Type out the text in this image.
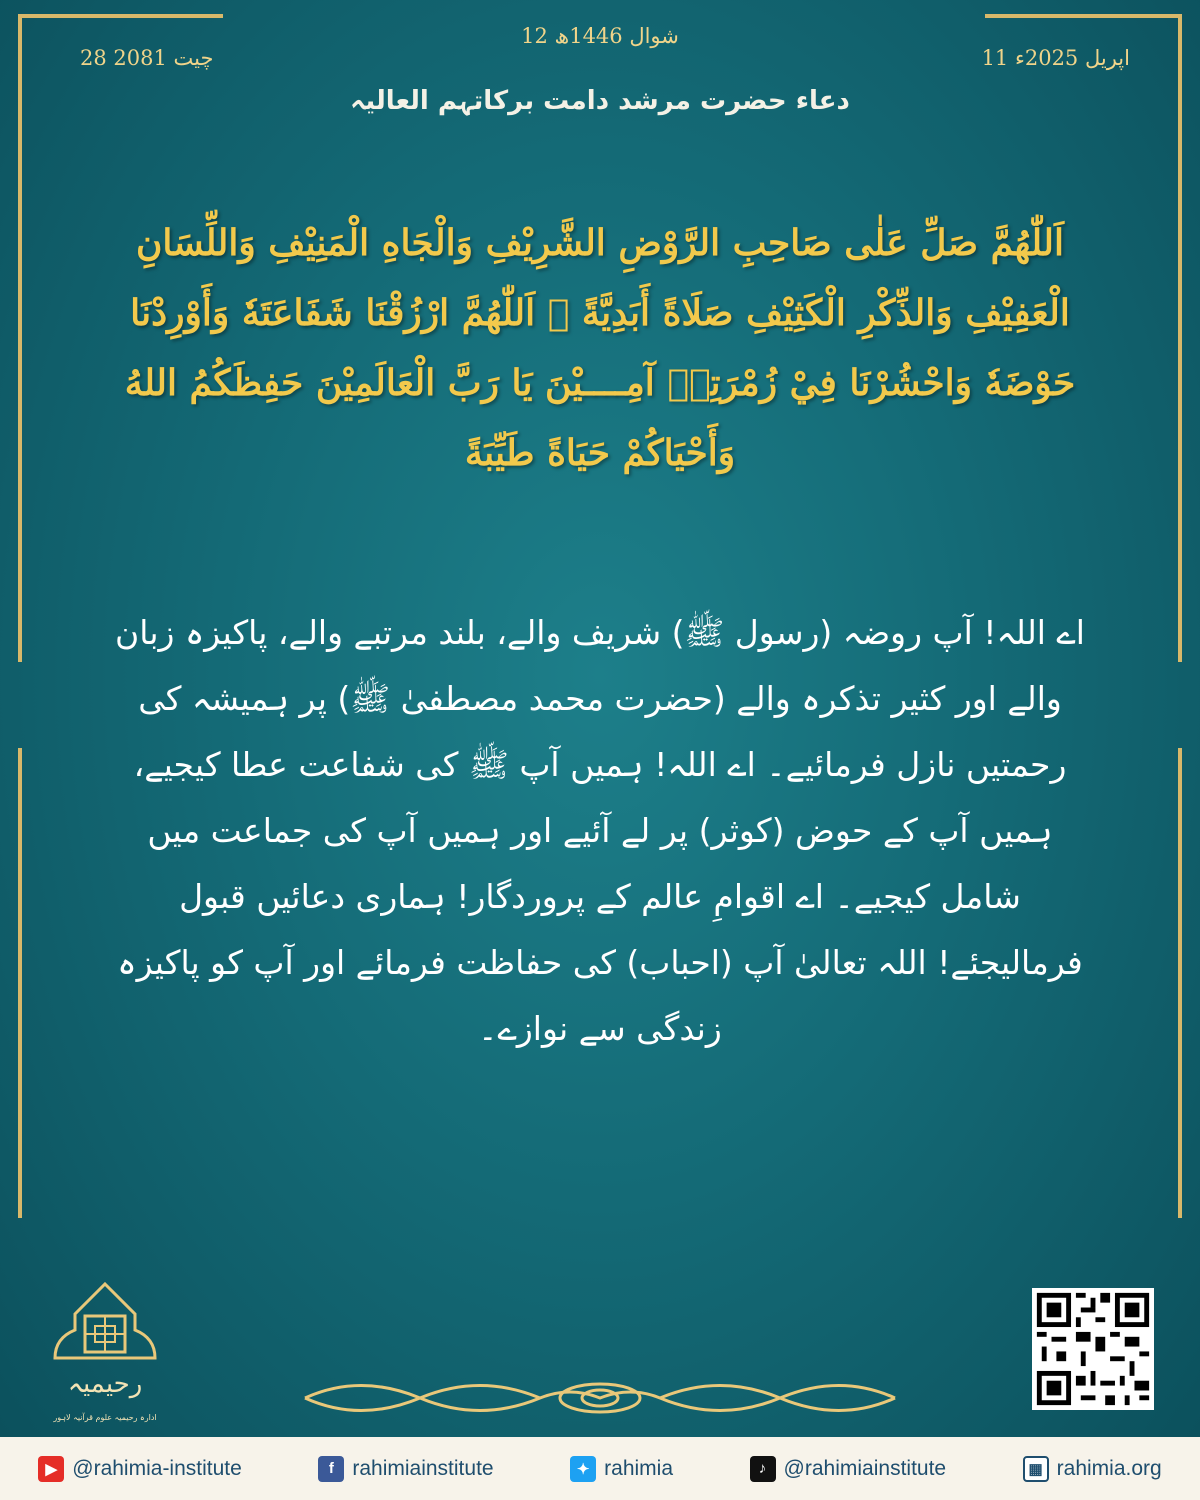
12 شوال 1446ھ
11 اپریل 2025ء
28 چیت 2081
دعاء حضرت مرشد دامت برکاتہم العالیہ
اَللّٰهُمَّ صَلِّ عَلٰى صَاحِبِ الرَّوْضِ الشَّرِيْفِ وَالْجَاهِ الْمَنِيْفِ وَاللِّسَانِ الْعَفِيْفِ وَالذِّكْرِ الْكَثِيْفِ صَلَاةً أَبَدِيَّةً ﷺ اَللّٰهُمَّ ارْزُقْنَا شَفَاعَتَهٗ وَأَوْرِدْنَا حَوْضَهٗ وَاحْشُرْنَا فِيْ زُمْرَتِهٖ آمِــــيْنَ يَا رَبَّ الْعَالَمِيْنَ حَفِظَكُمُ اللهُ وَأَحْيَاكُمْ حَيَاةً طَيِّبَةً
اے اللہ! آپ روضہ (رسول ﷺ) شریف والے، بلند مرتبے والے، پاکیزہ زبان والے اور کثیر تذکرہ والے (حضرت محمد مصطفیٰ ﷺ) پر ہمیشہ کی رحمتیں نازل فرمائیے۔ اے اللہ! ہمیں آپ ﷺ کی شفاعت عطا کیجیے، ہمیں آپ کے حوض (کوثر) پر لے آئیے اور ہمیں آپ کی جماعت میں شامل کیجیے۔ اے اقوامِ عالم کے پروردگار! ہماری دعائیں قبول فرمالیجئے! اللہ تعالیٰ آپ (احباب) کی حفاظت فرمائے اور آپ کو پاکیزہ زندگی سے نوازے۔
رحیمیہ
ادارہ رحیمیہ علوم قرآنیہ لاہور
▶ @rahimia-institute	f rahimiainstitute	✦ rahimia	♪ @rahimiainstitute	▦ rahimia.org
